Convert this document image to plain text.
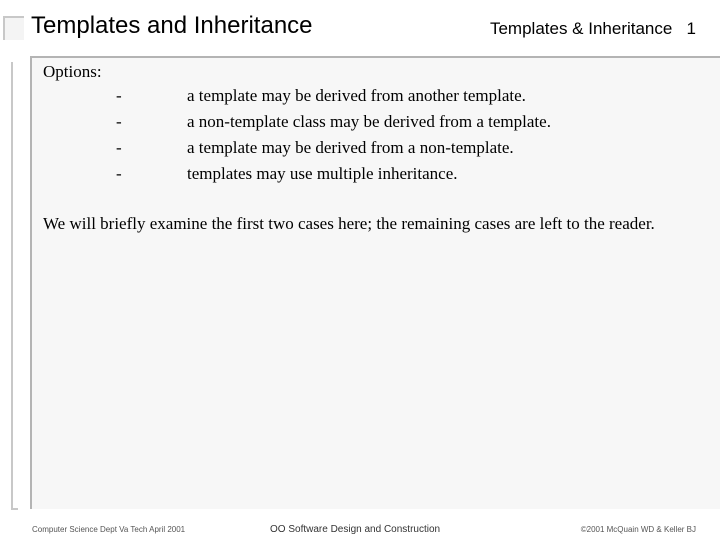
Templates and Inheritance	Templates & Inheritance 1
Options:
-	a template may be derived from another template.
-	a non-template class may be derived from a template.
-	a template may be derived from a non-template.
-	templates may use multiple inheritance.
We will briefly examine the first two cases here; the remaining cases are left to the reader.
Computer Science Dept Va Tech April 2001	OO Software Design and Construction	©2001 McQuain WD & Keller BJ
